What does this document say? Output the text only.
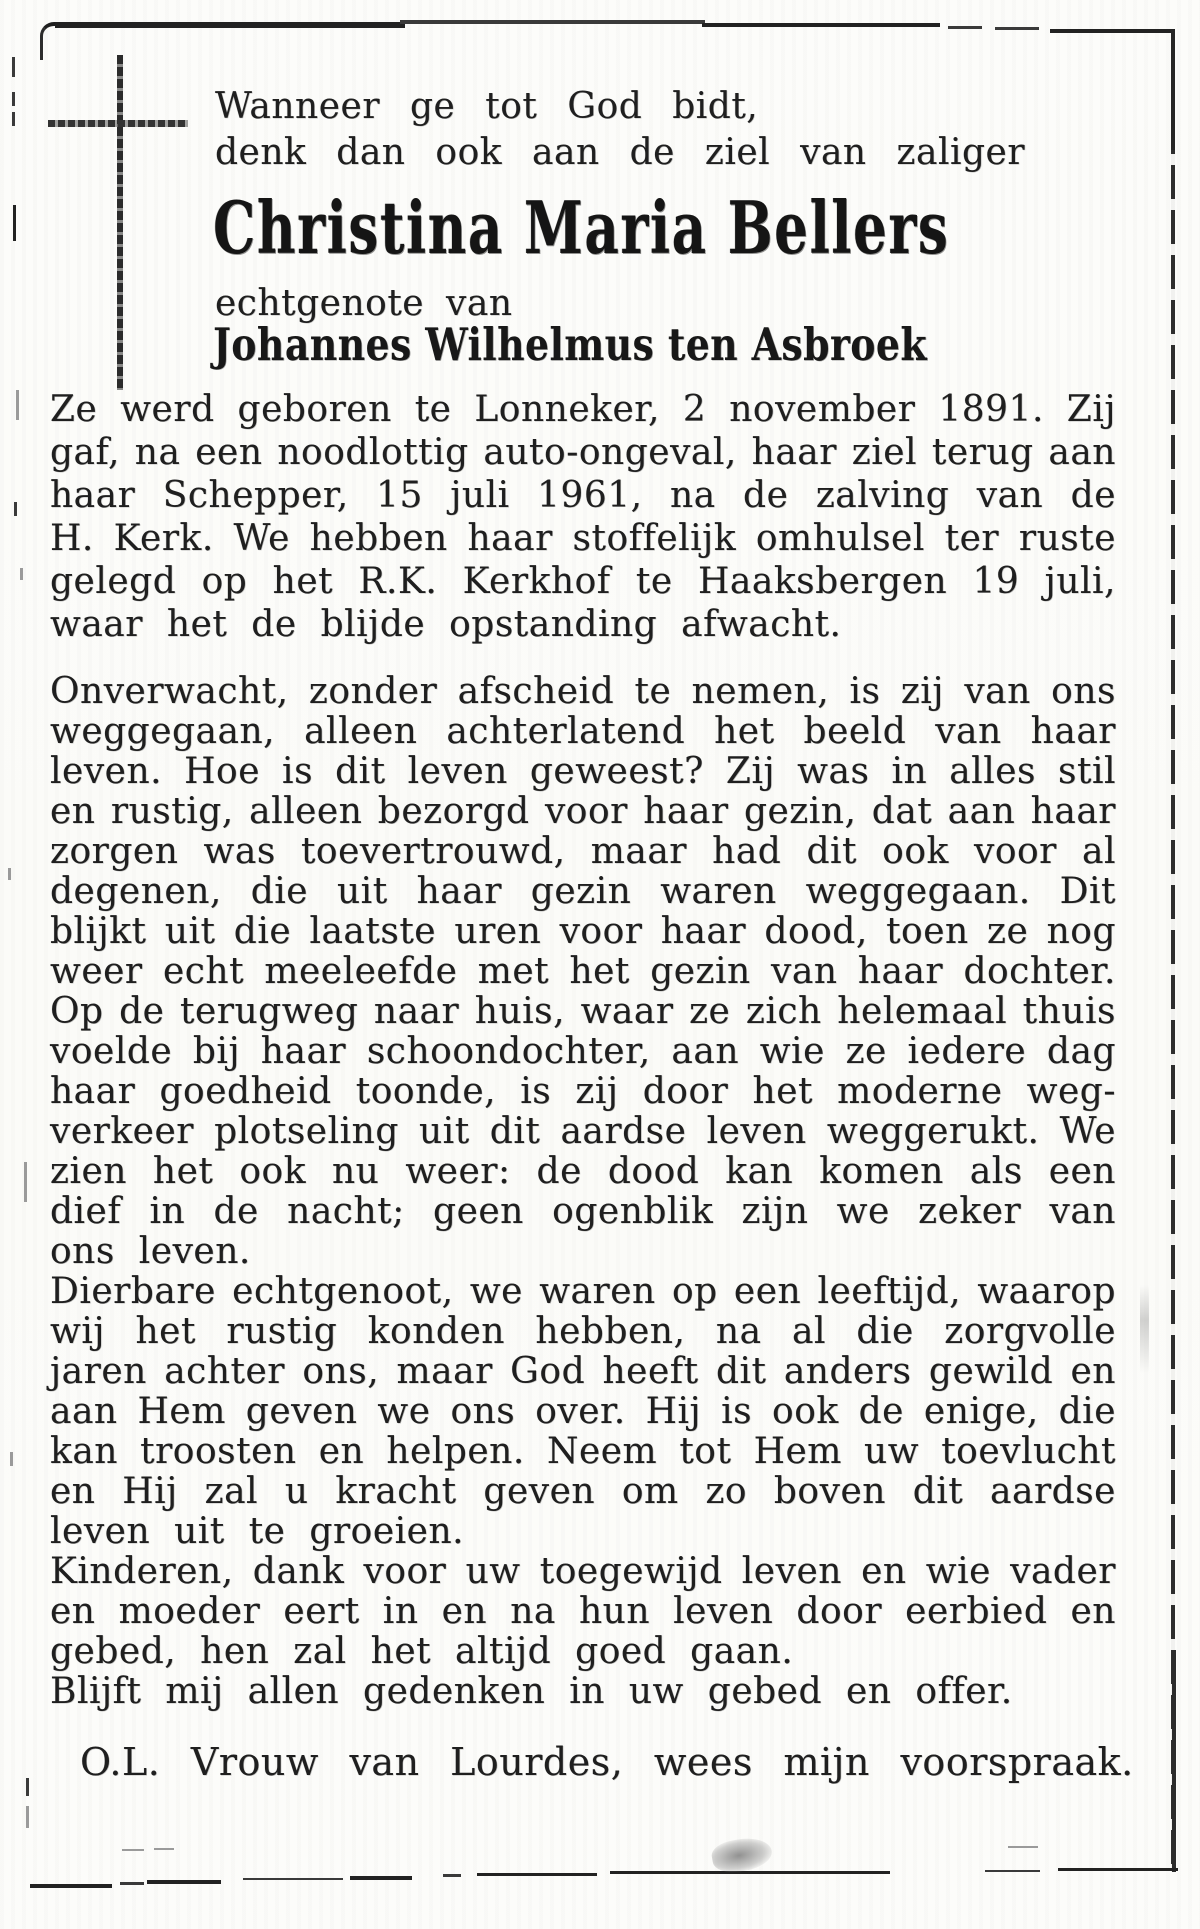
Wanneer ge tot God bidt,
denk dan ook aan de ziel van zaliger
Christina Maria Bellers
echtgenote van
Johannes Wilhelmus ten Asbroek
Ze werd geboren te Lonneker, 2 november 1891. Zij
gaf, na een noodlottig auto-ongeval, haar ziel terug aan
haar Schepper, 15 juli 1961, na de zalving van de
H. Kerk. We hebben haar stoffelijk omhulsel ter ruste
gelegd op het R.K. Kerkhof te Haaksbergen 19 juli,
waar het de blijde opstanding afwacht.
Onverwacht, zonder afscheid te nemen, is zij van ons
weggegaan, alleen achterlatend het beeld van haar
leven. Hoe is dit leven geweest? Zij was in alles stil
en rustig, alleen bezorgd voor haar gezin, dat aan haar
zorgen was toevertrouwd, maar had dit ook voor al
degenen, die uit haar gezin waren weggegaan. Dit
blijkt uit die laatste uren voor haar dood, toen ze nog
weer echt meeleefde met het gezin van haar dochter.
Op de terugweg naar huis, waar ze zich helemaal thuis
voelde bij haar schoondochter, aan wie ze iedere dag
haar goedheid toonde, is zij door het moderne weg-
verkeer plotseling uit dit aardse leven weggerukt. We
zien het ook nu weer: de dood kan komen als een
dief in de nacht; geen ogenblik zijn we zeker van
ons leven.
Dierbare echtgenoot, we waren op een leeftijd, waarop
wij het rustig konden hebben, na al die zorgvolle
jaren achter ons, maar God heeft dit anders gewild en
aan Hem geven we ons over. Hij is ook de enige, die
kan troosten en helpen. Neem tot Hem uw toevlucht
en Hij zal u kracht geven om zo boven dit aardse
leven uit te groeien.
Kinderen, dank voor uw toegewijd leven en wie vader
en moeder eert in en na hun leven door eerbied en
gebed, hen zal het altijd goed gaan.
Blijft mij allen gedenken in uw gebed en offer.
O.L. Vrouw van Lourdes, wees mijn voorspraak.
